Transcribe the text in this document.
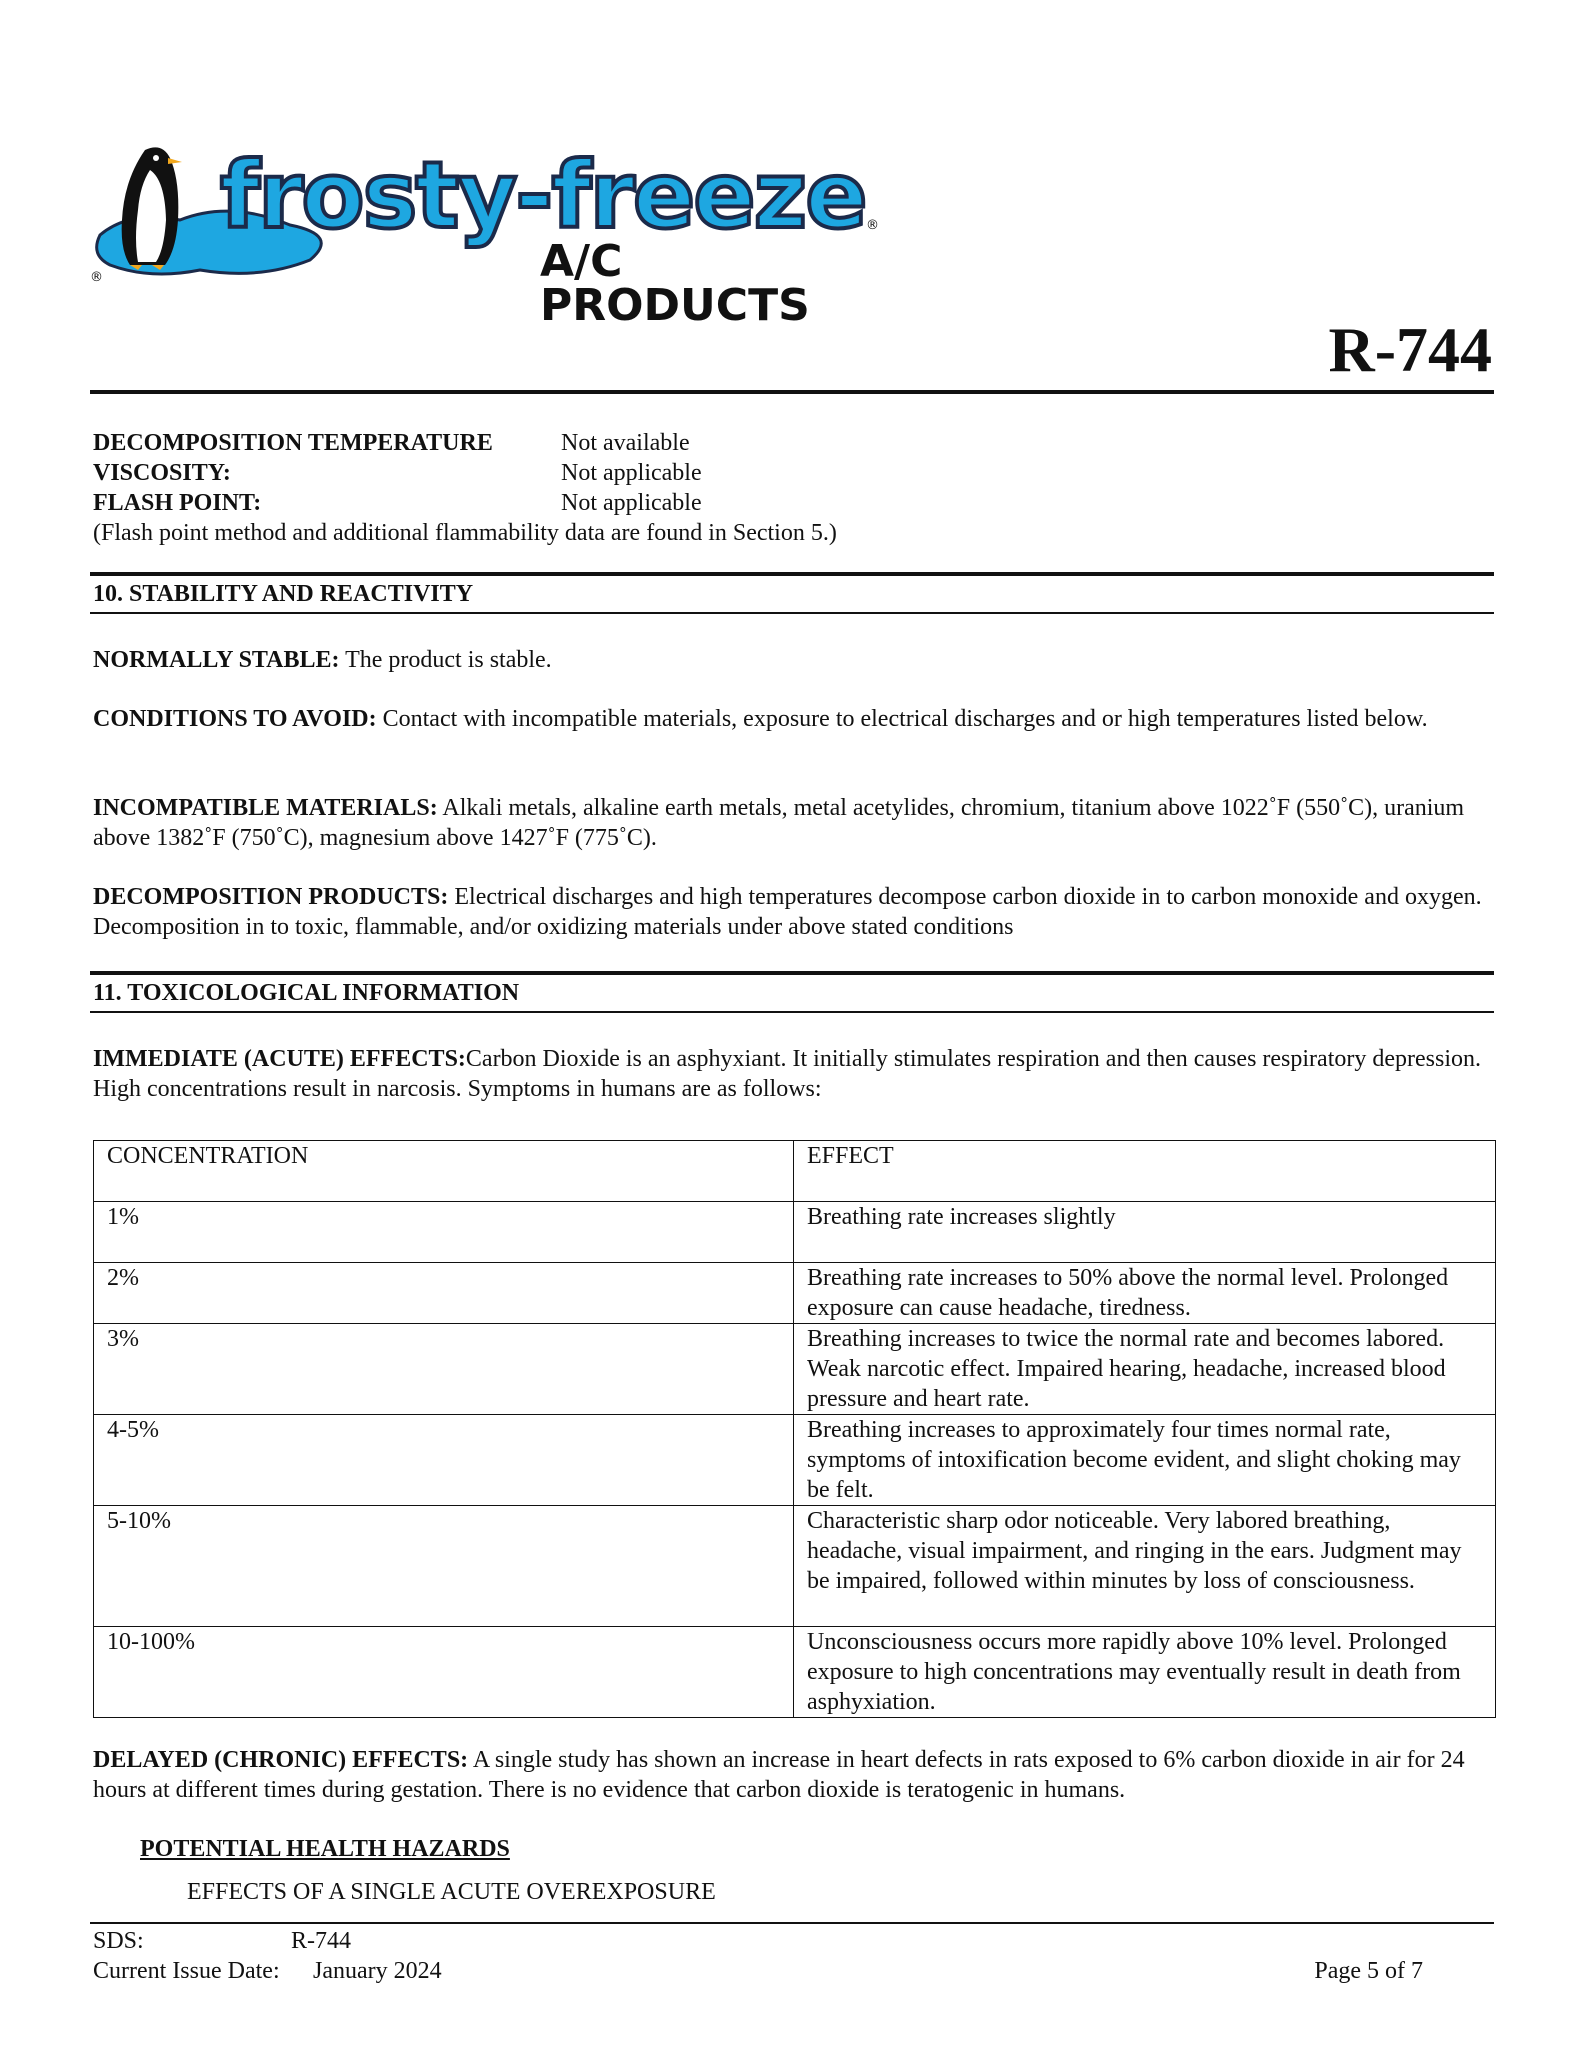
®
frosty-freeze ®
A/C PRODUCTS
R-744
DECOMPOSITION TEMPERATURE	Not available
VISCOSITY:	Not applicable
FLASH POINT:	Not applicable
(Flash point method and additional flammability data are found in Section 5.)
10. STABILITY AND REACTIVITY
NORMALLY STABLE: The product is stable.
CONDITIONS TO AVOID: Contact with incompatible materials, exposure to electrical discharges and or high temperatures listed below.
INCOMPATIBLE MATERIALS: Alkali metals, alkaline earth metals, metal acetylides, chromium, titanium above 1022˚F (550˚C), uranium above 1382˚F (750˚C), magnesium above 1427˚F (775˚C).
DECOMPOSITION PRODUCTS: Electrical discharges and high temperatures decompose carbon dioxide in to carbon monoxide and oxygen. Decomposition in to toxic, flammable, and/or oxidizing materials under above stated conditions
11. TOXICOLOGICAL INFORMATION
IMMEDIATE (ACUTE) EFFECTS:Carbon Dioxide is an asphyxiant. It initially stimulates respiration and then causes respiratory depression. High concentrations result in narcosis. Symptoms in humans are as follows:
CONCENTRATION	EFFECT
1%	Breathing rate increases slightly
2%	Breathing rate increases to 50% above the normal level. Prolonged exposure can cause headache, tiredness.
3%	Breathing increases to twice the normal rate and becomes labored. Weak narcotic effect. Impaired hearing, headache, increased blood pressure and heart rate.
4-5%	Breathing increases to approximately four times normal rate, symptoms of intoxification become evident, and slight choking may be felt.
5-10%	Characteristic sharp odor noticeable. Very labored breathing, headache, visual impairment, and ringing in the ears. Judgment may be impaired, followed within minutes by loss of consciousness.
10-100%	Unconsciousness occurs more rapidly above 10% level. Prolonged exposure to high concentrations may eventually result in death from asphyxiation.
DELAYED (CHRONIC) EFFECTS: A single study has shown an increase in heart defects in rats exposed to 6% carbon dioxide in air for 24 hours at different times during gestation. There is no evidence that carbon dioxide is teratogenic in humans.
POTENTIAL HEALTH HAZARDS
EFFECTS OF A SINGLE ACUTE OVEREXPOSURE
SDS:	R-744
Current Issue Date:	January 2024	Page 5 of 7
